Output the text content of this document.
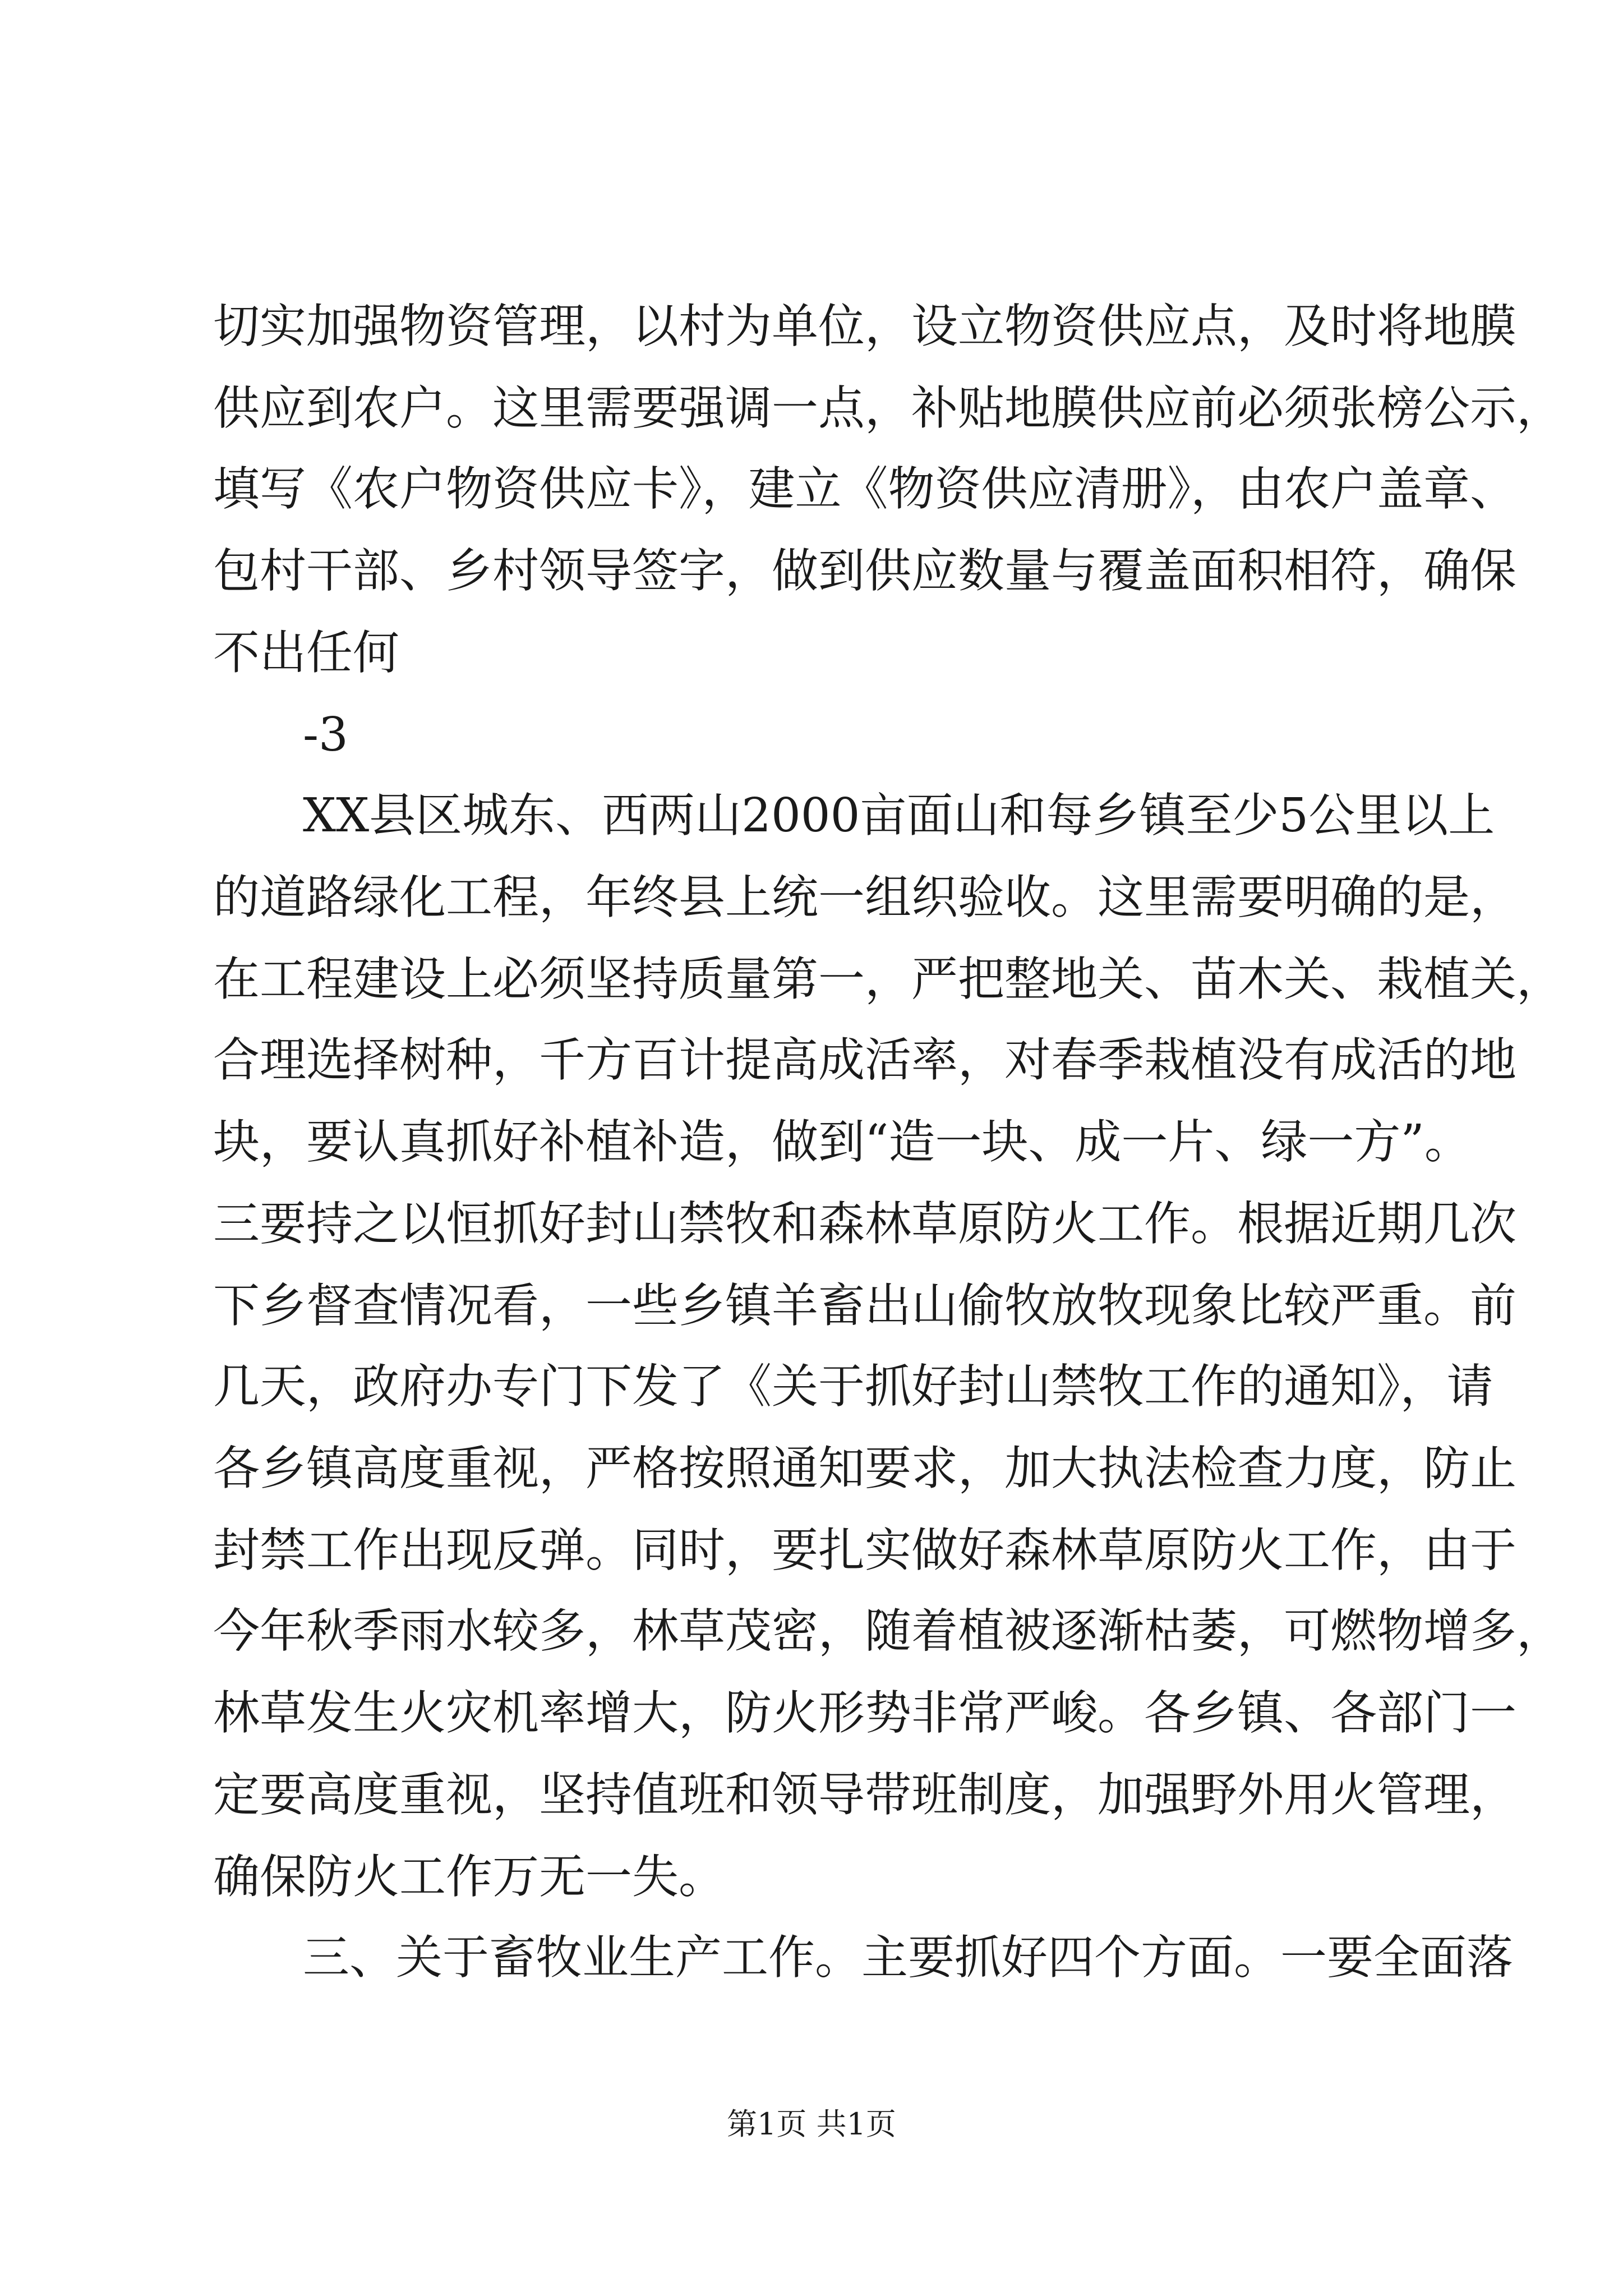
切实加强物资管理，以村为单位，设立物资供应点，及时将地膜
供应到农户。这里需要强调一点，补贴地膜供应前必须张榜公示，
填写《农户物资供应卡》，建立《物资供应清册》，由农户盖章、
包村干部、乡村领导签字，做到供应数量与覆盖面积相符，确保
不出任何
-3
XX县区城东、西两山2000亩面山和每乡镇至少5公里以上
的道路绿化工程，年终县上统一组织验收。这里需要明确的是，
在工程建设上必须坚持质量第一，严把整地关、苗木关、栽植关，
合理选择树种，千方百计提高成活率，对春季栽植没有成活的地
块，要认真抓好补植补造，做到“造一块、成一片、绿一方”。
三要持之以恒抓好封山禁牧和森林草原防火工作。根据近期几次
下乡督查情况看，一些乡镇羊畜出山偷牧放牧现象比较严重。前
几天，政府办专门下发了《关于抓好封山禁牧工作的通知》，请
各乡镇高度重视，严格按照通知要求，加大执法检查力度，防止
封禁工作出现反弹。同时，要扎实做好森林草原防火工作，由于
今年秋季雨水较多，林草茂密，随着植被逐渐枯萎，可燃物增多，
林草发生火灾机率增大，防火形势非常严峻。各乡镇、各部门一
定要高度重视，坚持值班和领导带班制度，加强野外用火管理，
确保防火工作万无一失。
三、关于畜牧业生产工作。主要抓好四个方面。一要全面落
第1页 共1页
